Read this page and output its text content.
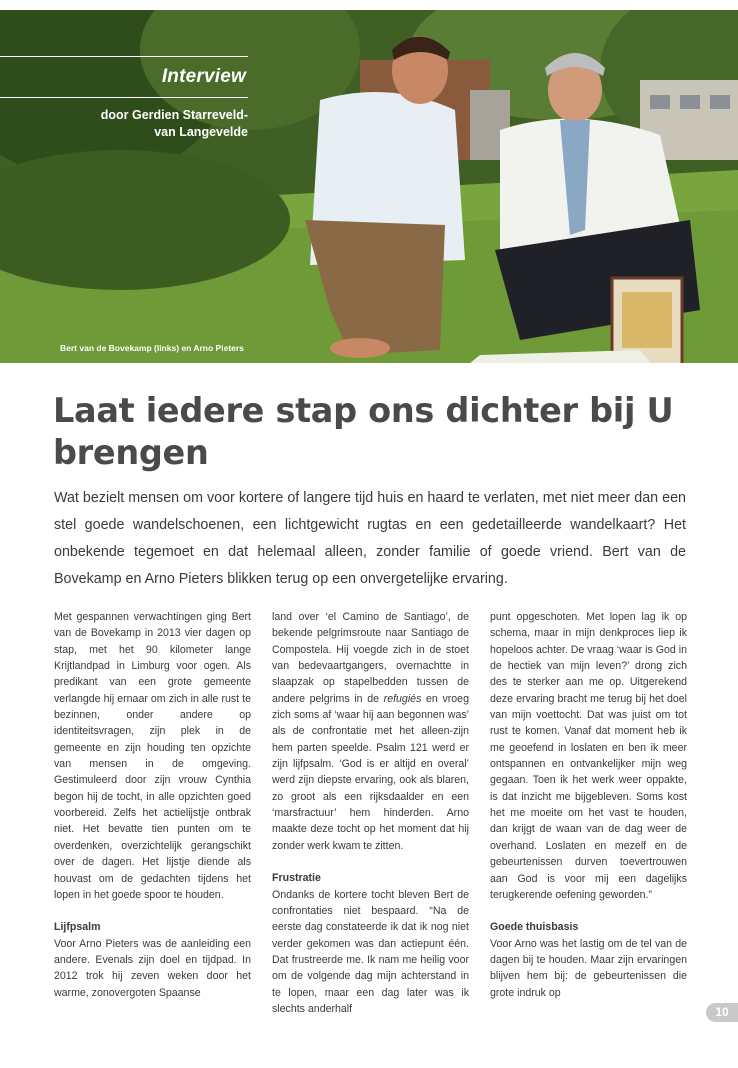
Interview
door Gerdien Starreveld-
van Langevelde
Bert van de Bovekamp (links) en Arno Pieters
Laat iedere stap ons dichter bij U brengen

Wat bezielt mensen om voor kortere of langere tijd huis en haard te verlaten, met niet meer dan een stel goede wandelschoenen, een lichtgewicht rugtas en een gedetailleerde wandelkaart? Het onbekende tegemoet en dat helemaal alleen, zonder familie of goede vriend. Bert van de Bovekamp en Arno Pieters blikken terug op een onvergetelijke ervaring.

Met gespannen verwachtingen ging Bert van de Bovekamp in 2013 vier dagen op stap, met het 90 kilometer lange Krijtlandpad in Limburg voor ogen. Als predikant van een grote gemeente verlangde hij ernaar om zich in alle rust te bezinnen, onder andere op identiteitsvragen, zijn plek in de gemeente en zijn houding ten opzichte van mensen in de omgeving. Gestimuleerd door zijn vrouw Cynthia begon hij de tocht, in alle opzichten goed voorbereid. Zelfs het actielijstje ontbrak niet. Het bevatte tien punten om te overdenken, overzichtelijk gerangschikt over de dagen. Het lijstje diende als houvast om de gedachten tijdens het lopen in het goede spoor te houden.

Lijfpsalm

Voor Arno Pieters was de aanleiding een andere. Evenals zijn doel en tijdpad. In 2012 trok hij zeven weken door het warme, zonovergoten Spaanse

land over ‘el Camino de Santiago’, de bekende pelgrimsroute naar Santiago de Compostela. Hij voegde zich in de stoet van bedevaartgangers, overnachtte in slaapzak op stapelbedden tussen de andere pelgrims in de refugiés en vroeg zich soms af ‘waar hij aan begonnen was’ als de confrontatie met het alleen-zijn hem parten speelde. Psalm 121 werd er zijn lijfpsalm. ‘God is er altijd en overal’ werd zijn diepste ervaring, ook als blaren, zo groot als een rijksdaalder en een ‘marsfractuur’ hem hinderden. Arno maakte deze tocht op het moment dat hij zonder werk kwam te zitten.

Frustratie

Ondanks de kortere tocht bleven Bert de confrontaties niet bespaard. “Na de eerste dag constateerde ik dat ik nog niet verder gekomen was dan actiepunt één. Dat frustreerde me. Ik nam me heilig voor om de volgende dag mijn achterstand in te lopen, maar een dag later was ik slechts anderhalf

punt opgeschoten. Met lopen lag ik op schema, maar in mijn denkproces liep ik hopeloos achter. De vraag ‘waar is God in de hectiek van mijn leven?’ drong zich des te sterker aan me op. Uitgerekend deze ervaring bracht me terug bij het doel van mijn voettocht. Dat was juist om tot rust te komen. Vanaf dat moment heb ik me geoefend in loslaten en ben ik meer ontspannen en ontvankelijker mijn weg gegaan. Toen ik het werk weer oppakte, is dat inzicht me bijgebleven. Soms kost het me moeite om het vast te houden, dan krijgt de waan van de dag weer de overhand. Loslaten en mezelf en de gebeurtenissen durven toevertrouwen aan God is voor mij een dagelijks terugkerende oefening geworden.”

Goede thuisbasis

Voor Arno was het lastig om de tel van de dagen bij te houden. Maar zijn ervaringen blijven hem bij: de gebeurtenissen die grote indruk op

10
